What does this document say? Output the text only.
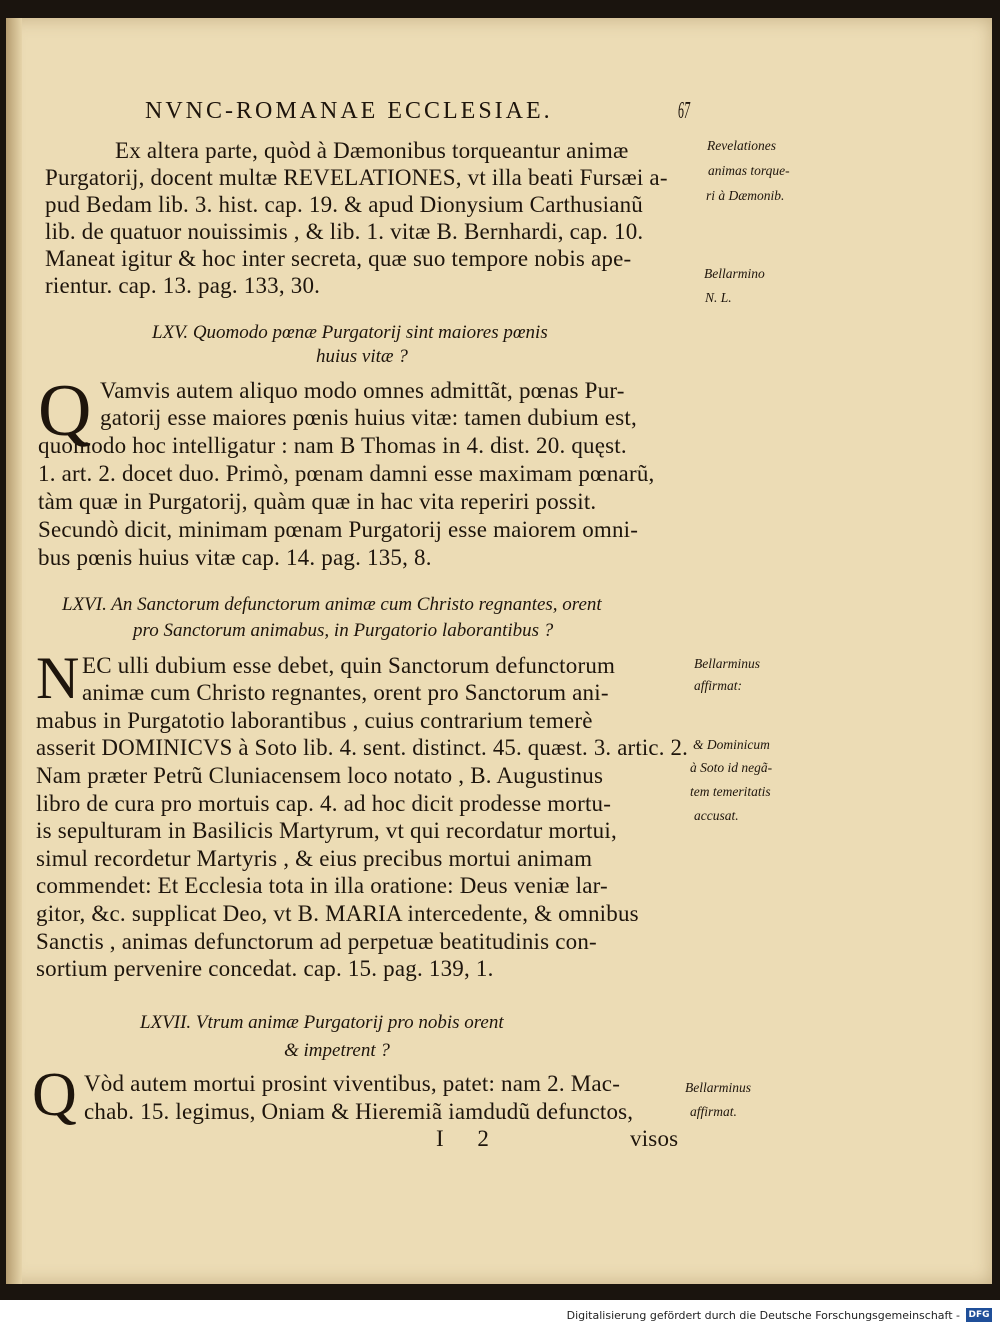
NVNC-ROMANAE ECCLESIAE.	67
Ex altera parte, quòd à Dæmonibus torqueantur animæ
Purgatorij, docent multæ REVELATIONES, vt illa beati Fursæi a-
pud Bedam lib. 3. hist. cap. 19. & apud Dionysium Carthusianũ
lib. de quatuor nouissimis , & lib. 1. vitæ B. Bernhardi, cap. 10.
Maneat igitur & hoc inter secreta, quæ suo tempore nobis ape-
rientur. cap. 13. pag. 133, 30.
LXV. Quomodo pœnæ Purgatorij sint maiores pœnis
huius vitæ ?
Q Vamvis autem aliquo modo omnes admittãt, pœnas Pur-
gatorij esse maiores pœnis huius vitæ: tamen dubium est,
quomodo hoc intelligatur : nam B Thomas in 4. dist. 20. quęst.
1. art. 2. docet duo. Primò, pœnam damni esse maximam pœnarũ,
tàm quæ in Purgatorij, quàm quæ in hac vita reperiri possit.
Secundò dicit, minimam pœnam Purgatorij esse maiorem omni-
bus pœnis huius vitæ cap. 14. pag. 135, 8.
LXVI. An Sanctorum defunctorum animæ cum Christo regnantes, orent
pro Sanctorum animabus, in Purgatorio laborantibus ?
N EC ulli dubium esse debet, quin Sanctorum defunctorum
animæ cum Christo regnantes, orent pro Sanctorum ani-
mabus in Purgatotio laborantibus , cuius contrarium temerè
asserit DOMINICVS à Soto lib. 4. sent. distinct. 45. quæst. 3. artic. 2.
Nam præter Petrũ Cluniacensem loco notato , B. Augustinus
libro de cura pro mortuis cap. 4. ad hoc dicit prodesse mortu-
is sepulturam in Basilicis Martyrum, vt qui recordatur mortui,
simul recordetur Martyris , & eius precibus mortui animam
commendet: Et Ecclesia tota in illa oratione: Deus veniæ lar-
gitor, &c. supplicat Deo, vt B. MARIA intercedente, & omnibus
Sanctis , animas defunctorum ad perpetuæ beatitudinis con-
sortium pervenire concedat. cap. 15. pag. 139, 1.
LXVII. Vtrum animæ Purgatorij pro nobis orent
& impetrent ?
Q Vòd autem mortui prosint viventibus, patet: nam 2. Mac-
chab. 15. legimus, Oniam & Hieremiã iamdudũ defunctos,
I 2	visos
Revelationes
animas torque-
ri à Dæmonib.
Bellarmino
N. L.
Bellarminus
affirmat:
& Dominicum
à Soto id negã-
tem temeritatis
accusat.
Bellarminus
affirmat.
Digitalisierung gefördert durch die Deutsche Forschungsgemeinschaft - DFG
